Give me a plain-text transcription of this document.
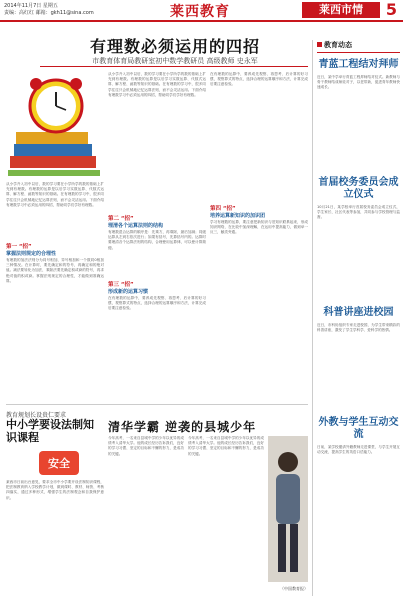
2014年11月7日 星期五
责编：高红红 邮箱：gkh11@sina.com	莱西教育	莱西市情	5
有理数必须运用的四招
市教育体育局教研室初中数学教研员 高级教师 史永军
从小学升入初中以后，数的学习要在小学所学的数的基础上扩充到有理数。有理数的运算是以后学习实数运算、代数式运算、解方程、函数等知识的基础。在有理数的学习中，很多同学往往只会机械地记忆运算法则，而不会灵活运用。下面介绍有理数学习中必须运用的四招，帮助同学们学好有理数。
第一 “招”
掌握法则规定的合理性
有理数的加法法则分为同号相加、异号相加和一个数同0相加三种情况。在计算时，要先确定和的符号，再确定和的绝对值。减法要转化为加法，乘除法要先确定积或商的符号，再求绝对值的积或商。掌握法则规定的合理性，才能做到准确运算。
从小学升入初中以后，数的学习要在小学所学的数的基础上扩充到有理数。有理数的运算是以后学习实数运算、代数式运算、解方程、函数等知识的基础。在有理数的学习中，很多同学往往只会机械地记忆运算法则，而不会灵活运用。下面介绍有理数学习中必须运用的四招，帮助同学们学好有理数。
第二 “招”
理清各个运算法则的结构
有理数混合运算的顺序是：先乘方，再乘除，最后加减；同级运算从左到右依次进行；如果有括号，先算括号内的。运算时要理清各个运算法则的结构，合理使用运算律，可以使计算简便。
第三 “招”
形成新的运算习惯
在有理数的运算中，要养成先观察、再思考、后计算的好习惯，观察算式的特点，选择合理的运算顺序和方法，计算完成后要注意检验。
在有理数的运算中，要养成先观察、再思考、后计算的好习惯，观察算式的特点，选择合理的运算顺序和方法，计算完成后要注意检验。
第四 “招”
培养运算新知识的加识团
学习有理数的运算，要注意把新知识与旧知识联系起来，形成知识网络，在比较中加深理解，在运用中提高能力，做到举一反三，触类旁通。
教育规划长设贵仁要求
中小学要设法制知识课程
安全
莱西市日前出台意见，要求全市中小学要开设法制知识课程，把法制教育纳入学校教学计划，做到课时、教材、师资、考核四落实，通过多种形式，增强学生的法制观念和自我保护意识。
清华学霸 逆袭的县城少年
今年高考，一名来自县城中学的少年以优异的成绩考入清华大学。他的成长经历告诉我们，良好的学习习惯、坚定的目标和不懈的努力，是成功的关键。
今年高考，一名来自县城中学的少年以优异的成绩考入清华大学。他的成长经历告诉我们，良好的学习习惯、坚定的目标和不懈的努力，是成功的关键。
（中国教育报）
教育动态
青蓝工程结对拜师
近日，某中学举行青蓝工程拜师结对仪式。新教师与骨干教师结成师徒对子，以老带新，促进青年教师快速成长。
首届校务委员会成立仪式
10月21日，某学校举行首届校务委员会成立仪式，学生家长、社区代表等参加，共同参与学校管理与监督。
科普讲座进校园
近日，市科协组织专家走进校园，为学生带来精彩的科普讲座，激发了学生学科学、爱科学的热情。
外教与学生互动交流
日前，某学校邀请外籍教师走进课堂，与学生开展互动交流，提高学生的英语口语能力。
